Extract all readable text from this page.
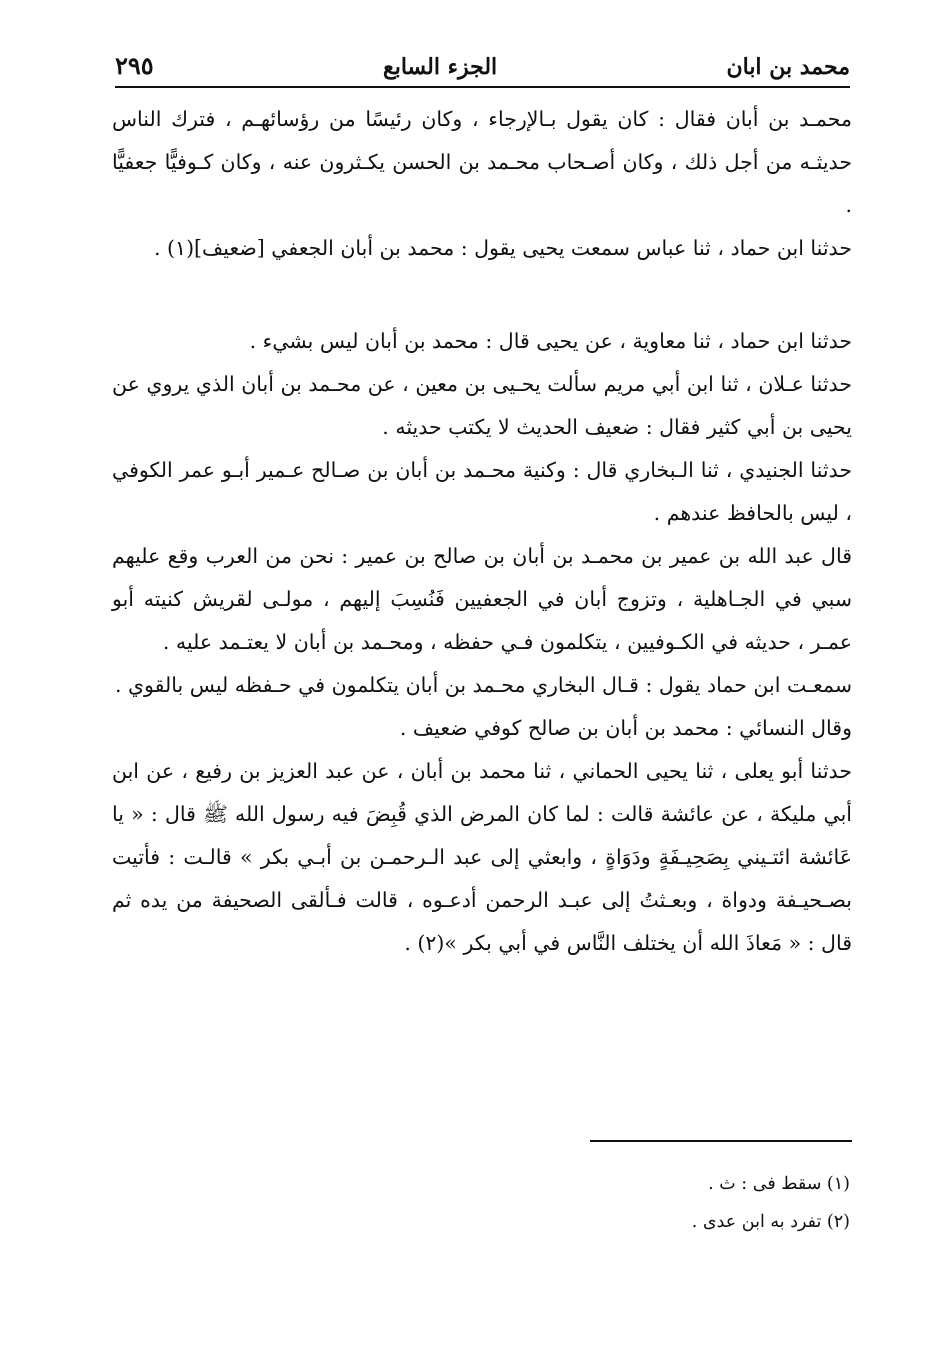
محمد بن ابان
الجزء السابع
٢٩٥

محمـد بن أبان فقال : كان يقول بـالإرجاء ، وكان رئيسًا من رؤسائهـم ، فترك الناس حديثـه من أجل ذلك ، وكان أصـحاب محـمد بن الحسن يكـثرون عنه ، وكان كـوفيًّا جعفيًّا .

حدثنا ابن حماد ، ثنا عباس سمعت يحيى يقول : محمد بن أبان الجعفي [ضعيف](١) .

حدثنا ابن حماد ، ثنا معاوية ، عن يحيى قال : محمد بن أبان ليس بشيء .

حدثنا عـلان ، ثنا ابن أبي مريم سألت يحـيى بن معين ، عن محـمد بن أبان الذي يروي عن يحيى بن أبي كثير فقال : ضعيف الحديث لا يكتب حديثه .

حدثنا الجنيدي ، ثنا الـبخاري قال : وكنية محـمد بن أبان بن صـالح عـمير أبـو عمر الكوفي ، ليس بالحافظ عندهم .

قال عبد الله بن عمير بن محمـد بن أبان بن صالح بن عمير : نحن من العرب وقع عليهم سبي في الجـاهلية ، وتزوج أبان في الجعفيين فَنُسِبَ إليهم ، مولـى لقريش كنيته أبو عمـر ، حديثه في الكـوفيين ، يتكلمون فـي حفظه ، ومحـمد بن أبان لا يعتـمد عليه .

سمعـت ابن حماد يقول : قـال البخاري محـمد بن أبان يتكلمون في حـفظه ليس بالقوي .

وقال النسائي : محمد بن أبان بن صالح كوفي ضعيف .

حدثنا أبو يعلى ، ثنا يحيى الحماني ، ثنا محمد بن أبان ، عن عبد العزيز بن رفيع ، عن ابن أبي مليكة ، عن عائشة قالت : لما كان المرض الذي قُبِضَ فيه رسول الله ﷺ قال : « يا عَائشة ائتـيني بِصَحِيـفَةٍ ودَوَاةٍ ، وابعثي إلى عبد الـرحمـن بن أبـي بكر » قالـت : فأتيت بصـحيـفة ودواة ، وبعـثتُ إلى عبـد الرحمن أدعـوه ، قالت فـألقى الصحيفة من يده ثم قال : « مَعاذَ الله أن يختلف النَّاس في أبي بكر »(٢) .

(١) سقط فى : ث .
(٢) تفرد به ابن عدى .
